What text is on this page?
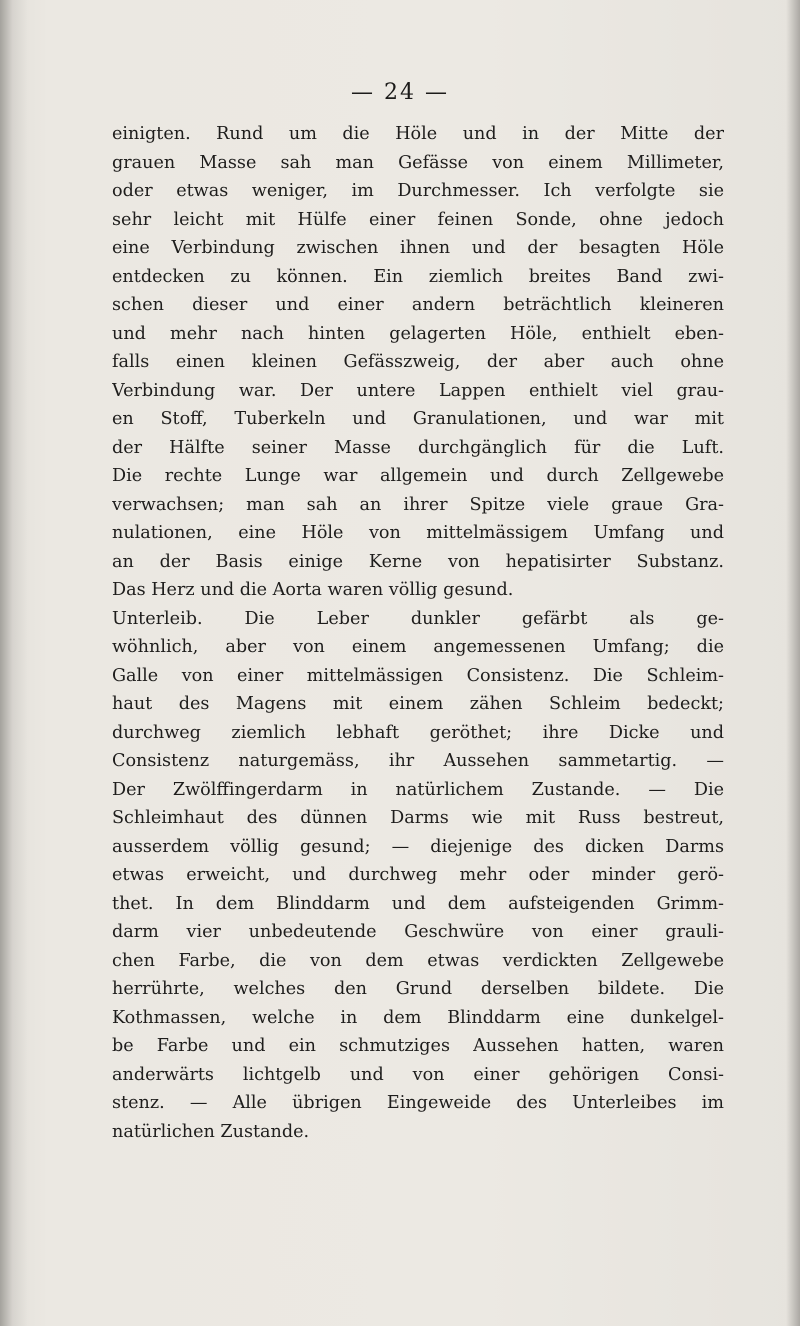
— 24 —
einigten. Rund um die Höle und in der Mitte der
grauen Masse sah man Gefässe von einem Millimeter,
oder etwas weniger, im Durchmesser. Ich verfolgte sie
sehr leicht mit Hülfe einer feinen Sonde, ohne jedoch
eine Verbindung zwischen ihnen und der besagten Höle
entdecken zu können. Ein ziemlich breites Band zwi-
schen dieser und einer andern beträchtlich kleineren
und mehr nach hinten gelagerten Höle, enthielt eben-
falls einen kleinen Gefässzweig, der aber auch ohne
Verbindung war. Der untere Lappen enthielt viel grau-
en Stoff, Tuberkeln und Granulationen, und war mit
der Hälfte seiner Masse durchgänglich für die Luft.
Die rechte Lunge war allgemein und durch Zellgewebe
verwachsen; man sah an ihrer Spitze viele graue Gra-
nulationen, eine Höle von mittelmässigem Umfang und
an der Basis einige Kerne von hepatisirter Substanz.
Das Herz und die Aorta waren völlig gesund.
Unterleib. Die Leber dunkler gefärbt als ge-
wöhnlich, aber von einem angemessenen Umfang; die
Galle von einer mittelmässigen Consistenz. Die Schleim-
haut des Magens mit einem zähen Schleim bedeckt;
durchweg ziemlich lebhaft geröthet; ihre Dicke und
Consistenz naturgemäss, ihr Aussehen sammetartig. —
Der Zwölffingerdarm in natürlichem Zustande. — Die
Schleimhaut des dünnen Darms wie mit Russ bestreut,
ausserdem völlig gesund; — diejenige des dicken Darms
etwas erweicht, und durchweg mehr oder minder gerö-
thet. In dem Blinddarm und dem aufsteigenden Grimm-
darm vier unbedeutende Geschwüre von einer grauli-
chen Farbe, die von dem etwas verdickten Zellgewebe
herrührte, welches den Grund derselben bildete. Die
Kothmassen, welche in dem Blinddarm eine dunkelgel-
be Farbe und ein schmutziges Aussehen hatten, waren
anderwärts lichtgelb und von einer gehörigen Consi-
stenz. — Alle übrigen Eingeweide des Unterleibes im
natürlichen Zustande.
